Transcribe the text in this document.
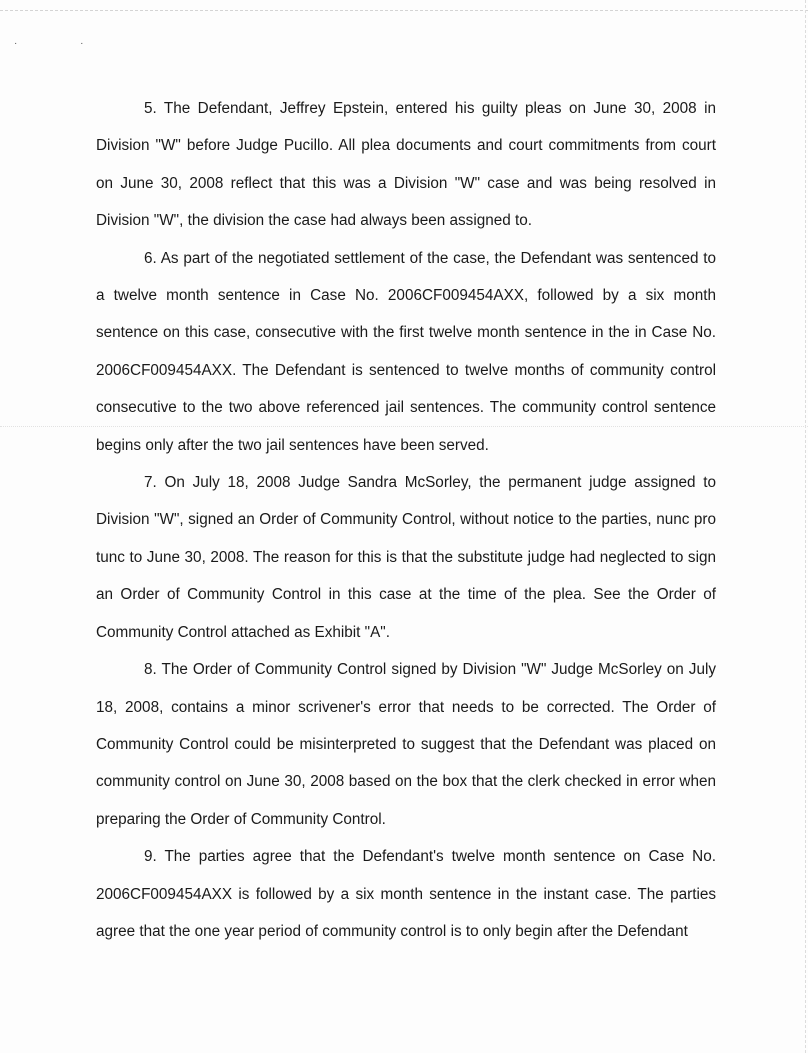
· ·

5. The Defendant, Jeffrey Epstein, entered his guilty pleas on June 30, 2008 in Division "W" before Judge Pucillo. All plea documents and court commitments from court on June 30, 2008 reflect that this was a Division "W" case and was being resolved in Division "W", the division the case had always been assigned to.

6. As part of the negotiated settlement of the case, the Defendant was sentenced to a twelve month sentence in Case No. 2006CF009454AXX, followed by a six month sentence on this case, consecutive with the first twelve month sentence in the in Case No. 2006CF009454AXX. The Defendant is sentenced to twelve months of community control consecutive to the two above referenced jail sentences. The community control sentence begins only after the two jail sentences have been served.

7. On July 18, 2008 Judge Sandra McSorley, the permanent judge assigned to Division "W", signed an Order of Community Control, without notice to the parties, nunc pro tunc to June 30, 2008. The reason for this is that the substitute judge had neglected to sign an Order of Community Control in this case at the time of the plea. See the Order of Community Control attached as Exhibit "A".

8. The Order of Community Control signed by Division "W" Judge McSorley on July 18, 2008, contains a minor scrivener's error that needs to be corrected. The Order of Community Control could be misinterpreted to suggest that the Defendant was placed on community control on June 30, 2008 based on the box that the clerk checked in error when preparing the Order of Community Control.

9. The parties agree that the Defendant's twelve month sentence on Case No. 2006CF009454AXX is followed by a six month sentence in the instant case. The parties agree that the one year period of community control is to only begin after the Defendant
